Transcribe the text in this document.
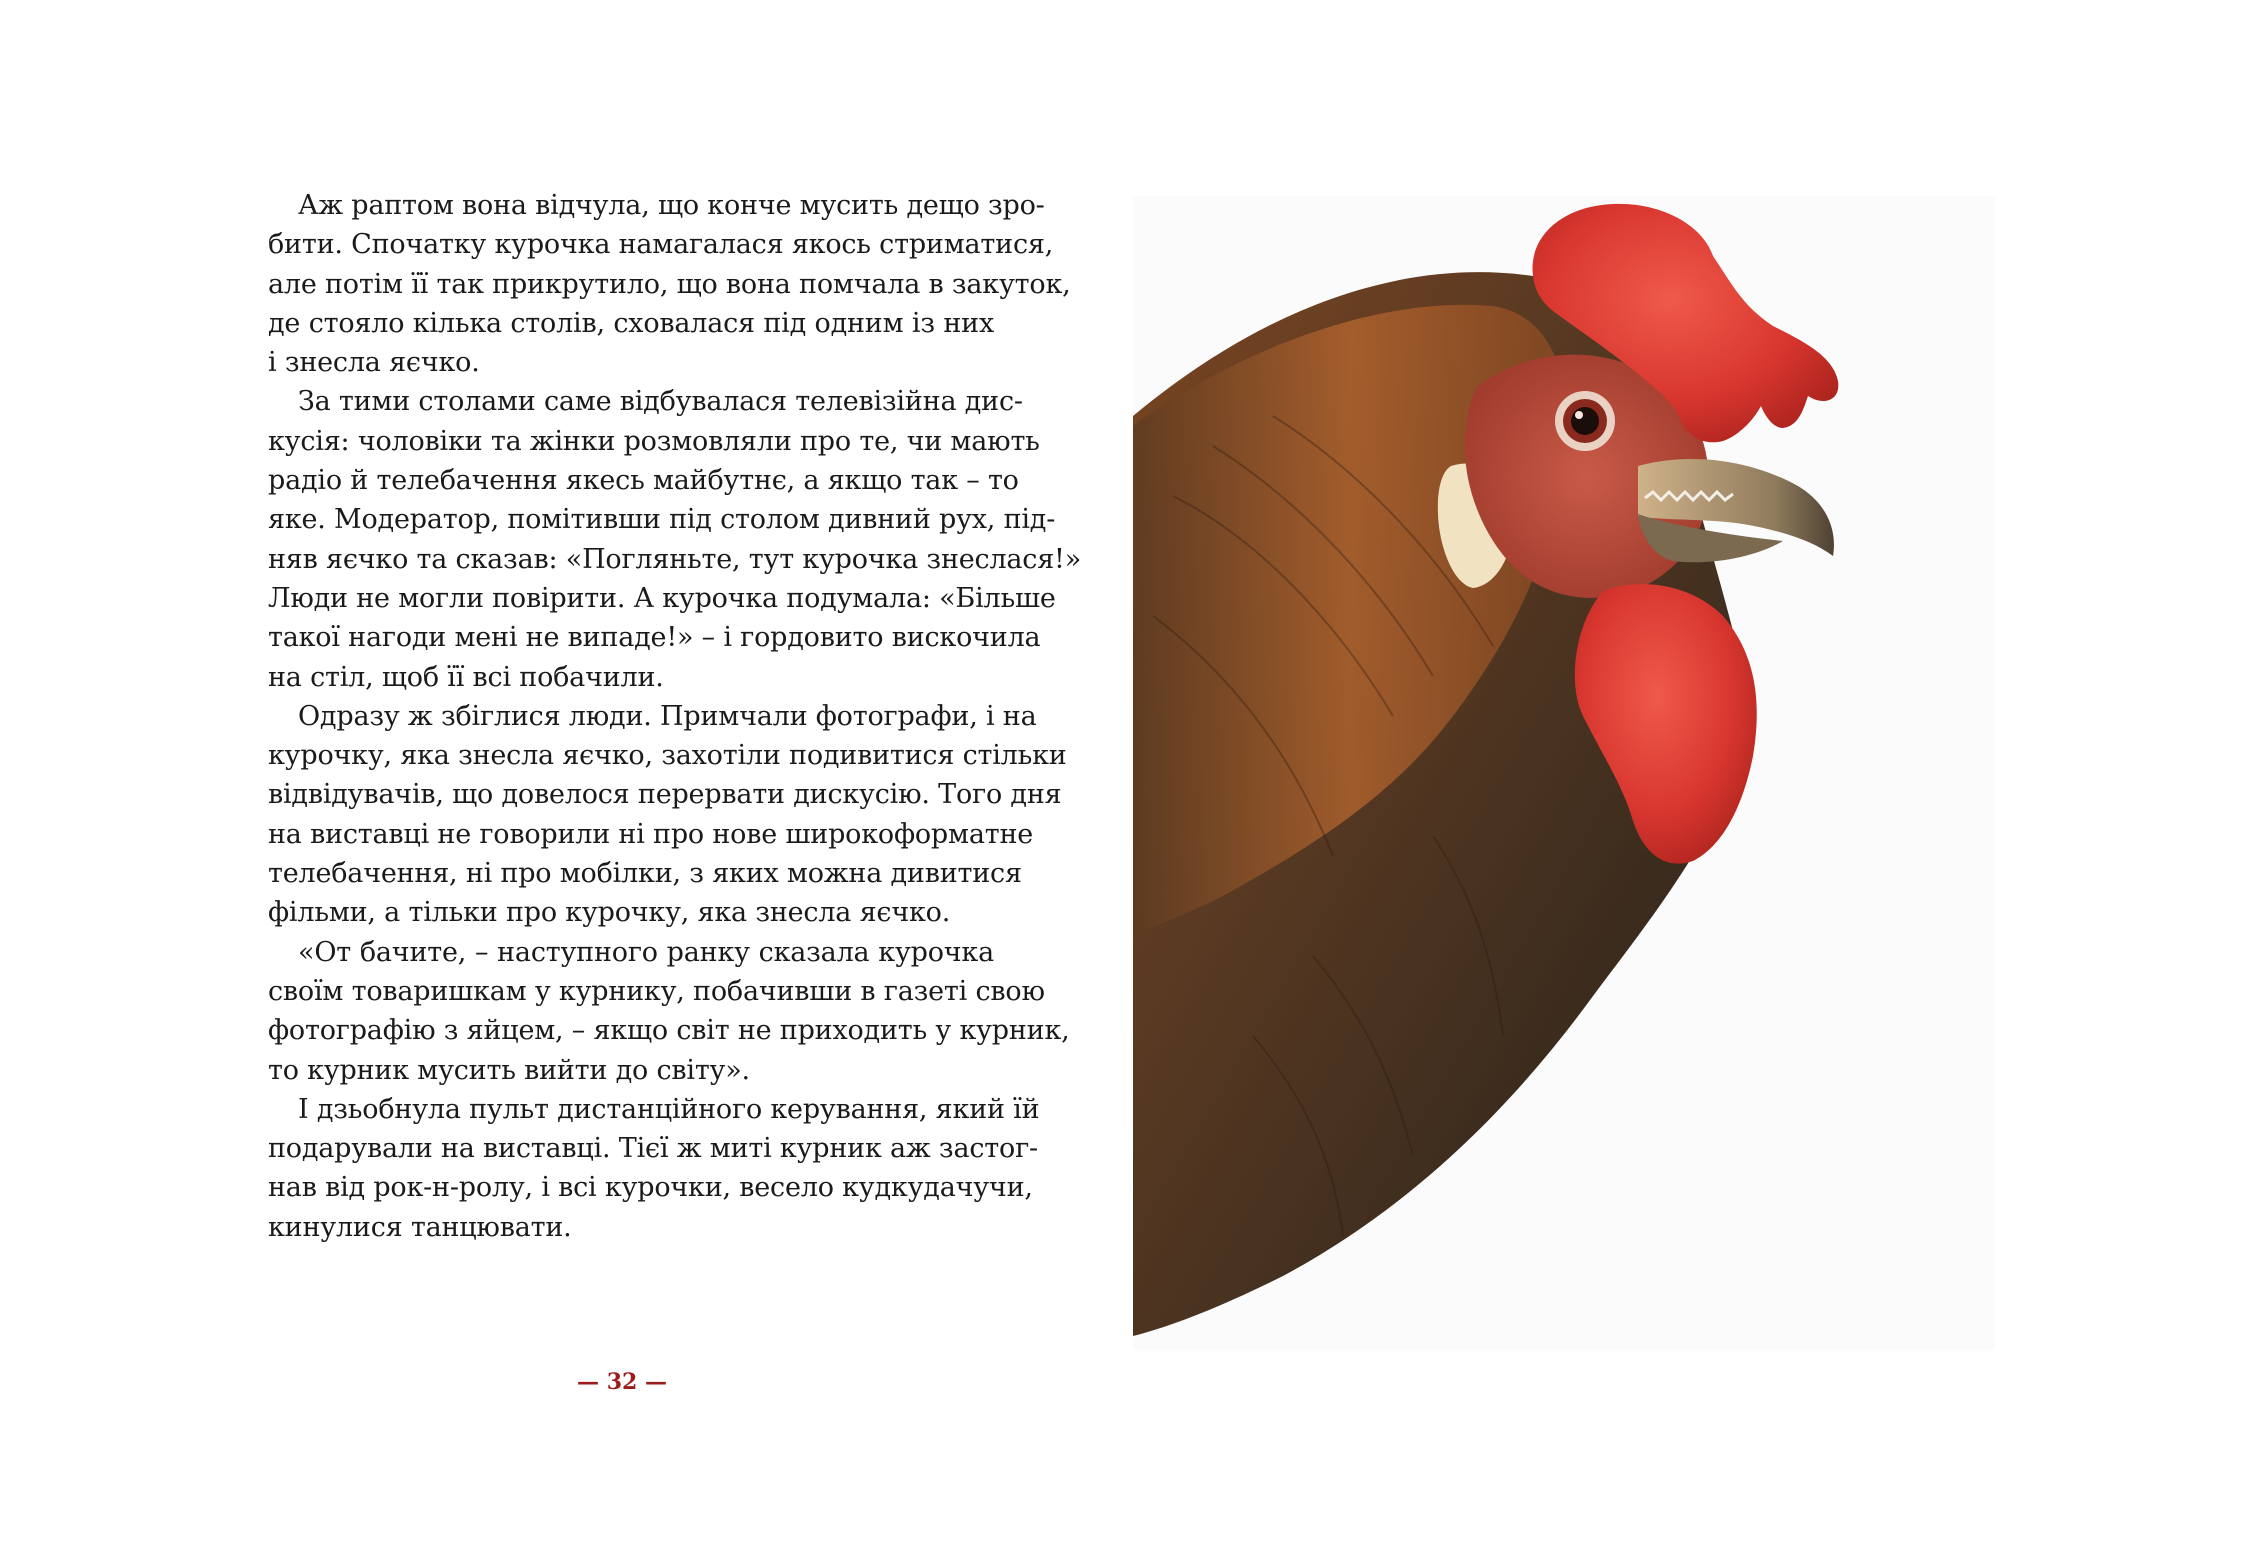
Аж раптом вона відчула, що конче мусить дещо зро-
бити. Спочатку курочка намагалася якось стриматися,
але потім її так прикрутило, що вона помчала в закуток,
де стояло кілька столів, сховалася під одним із них
і знесла яєчко.

За тими столами саме відбувалася телевізійна дис-
кусія: чоловіки та жінки розмовляли про те, чи мають
радіо й телебачення якесь майбутнє, а якщо так – то
яке. Модератор, помітивши під столом дивний рух, під-
няв яєчко та сказав: «Погляньте, тут курочка знеслася!»
Люди не могли повірити. А курочка подумала: «Більше
такої нагоди мені не випаде!» – і гордовито вискочила
на стіл, щоб її всі побачили.

Одразу ж збіглися люди. Примчали фотографи, і на
курочку, яка знесла яєчко, захотіли подивитися стільки
відвідувачів, що довелося перервати дискусію. Того дня
на виставці не говорили ні про нове широкоформатне
телебачення, ні про мобілки, з яких можна дивитися
фільми, а тільки про курочку, яка знесла яєчко.

«От бачите, – наступного ранку сказала курочка
своїм товаришкам у курнику, побачивши в газеті свою
фотографію з яйцем, – якщо світ не приходить у курник,
то курник мусить вийти до світу».

І дзьобнула пульт дистанційного керування, який їй
подарували на виставці. Тієї ж миті курник аж застог-
нав від рок-н-ролу, і всі курочки, весело кудкудачучи,
кинулися танцювати.

— 32 —
